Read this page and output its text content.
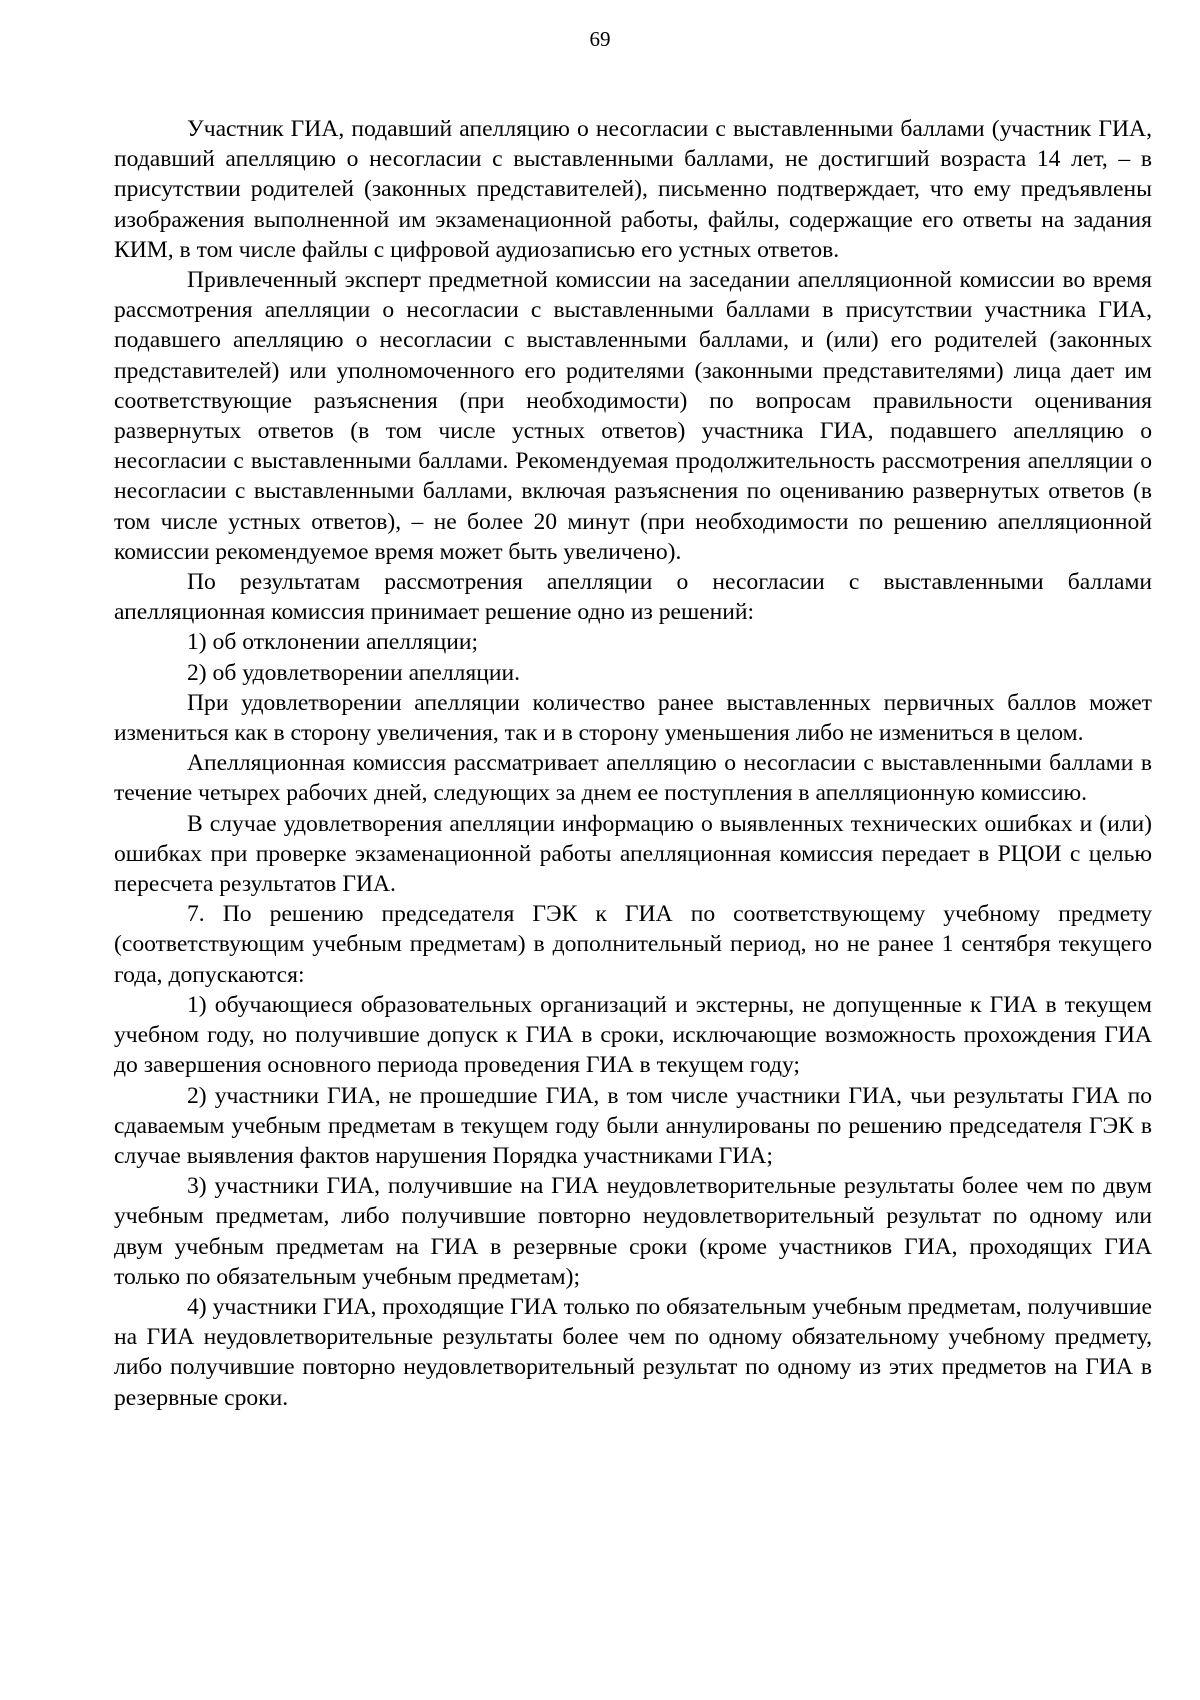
69

Участник ГИА, подавший апелляцию о несогласии с выставленными баллами (участник ГИА, подавший апелляцию о несогласии с выставленными баллами, не достигший возраста 14 лет, – в присутствии родителей (законных представителей), письменно подтверждает, что ему предъявлены изображения выполненной им экзаменационной работы, файлы, содержащие его ответы на задания КИМ, в том числе файлы с цифровой аудиозаписью его устных ответов.

Привлеченный эксперт предметной комиссии на заседании апелляционной комиссии во время рассмотрения апелляции о несогласии с выставленными баллами в присутствии участника ГИА, подавшего апелляцию о несогласии с выставленными баллами, и (или) его родителей (законных представителей) или уполномоченного его родителями (законными представителями) лица дает им соответствующие разъяснения (при необходимости) по вопросам правильности оценивания развернутых ответов (в том числе устных ответов) участника ГИА, подавшего апелляцию о несогласии с выставленными баллами. Рекомендуемая продолжительность рассмотрения апелляции о несогласии с выставленными баллами, включая разъяснения по оцениванию развернутых ответов (в том числе устных ответов), – не более 20 минут (при необходимости по решению апелляционной комиссии рекомендуемое время может быть увеличено).

По результатам рассмотрения апелляции о несогласии с выставленными баллами апелляционная комиссия принимает решение одно из решений:

1) об отклонении апелляции;

2) об удовлетворении апелляции.

При удовлетворении апелляции количество ранее выставленных первичных баллов может измениться как в сторону увеличения, так и в сторону уменьшения либо не измениться в целом.

Апелляционная комиссия рассматривает апелляцию о несогласии с выставленными баллами в течение четырех рабочих дней, следующих за днем ее поступления в апелляционную комиссию.

В случае удовлетворения апелляции информацию о выявленных технических ошибках и (или) ошибках при проверке экзаменационной работы апелляционная комиссия передает в РЦОИ с целью пересчета результатов ГИА.

7. По решению председателя ГЭК к ГИА по соответствующему учебному предмету (соответствующим учебным предметам) в дополнительный период, но не ранее 1 сентября текущего года, допускаются:

1) обучающиеся образовательных организаций и экстерны, не допущенные к ГИА в текущем учебном году, но получившие допуск к ГИА в сроки, исключающие возможность прохождения ГИА до завершения основного периода проведения ГИА в текущем году;

2) участники ГИА, не прошедшие ГИА, в том числе участники ГИА, чьи результаты ГИА по сдаваемым учебным предметам в текущем году были аннулированы по решению председателя ГЭК в случае выявления фактов нарушения Порядка участниками ГИА;

3) участники ГИА, получившие на ГИА неудовлетворительные результаты более чем по двум учебным предметам, либо получившие повторно неудовлетворительный результат по одному или двум учебным предметам на ГИА в резервные сроки (кроме участников ГИА, проходящих ГИА только по обязательным учебным предметам);

4) участники ГИА, проходящие ГИА только по обязательным учебным предметам, получившие на ГИА неудовлетворительные результаты более чем по одному обязательному учебному предмету, либо получившие повторно неудовлетворительный результат по одному из этих предметов на ГИА в резервные сроки.
